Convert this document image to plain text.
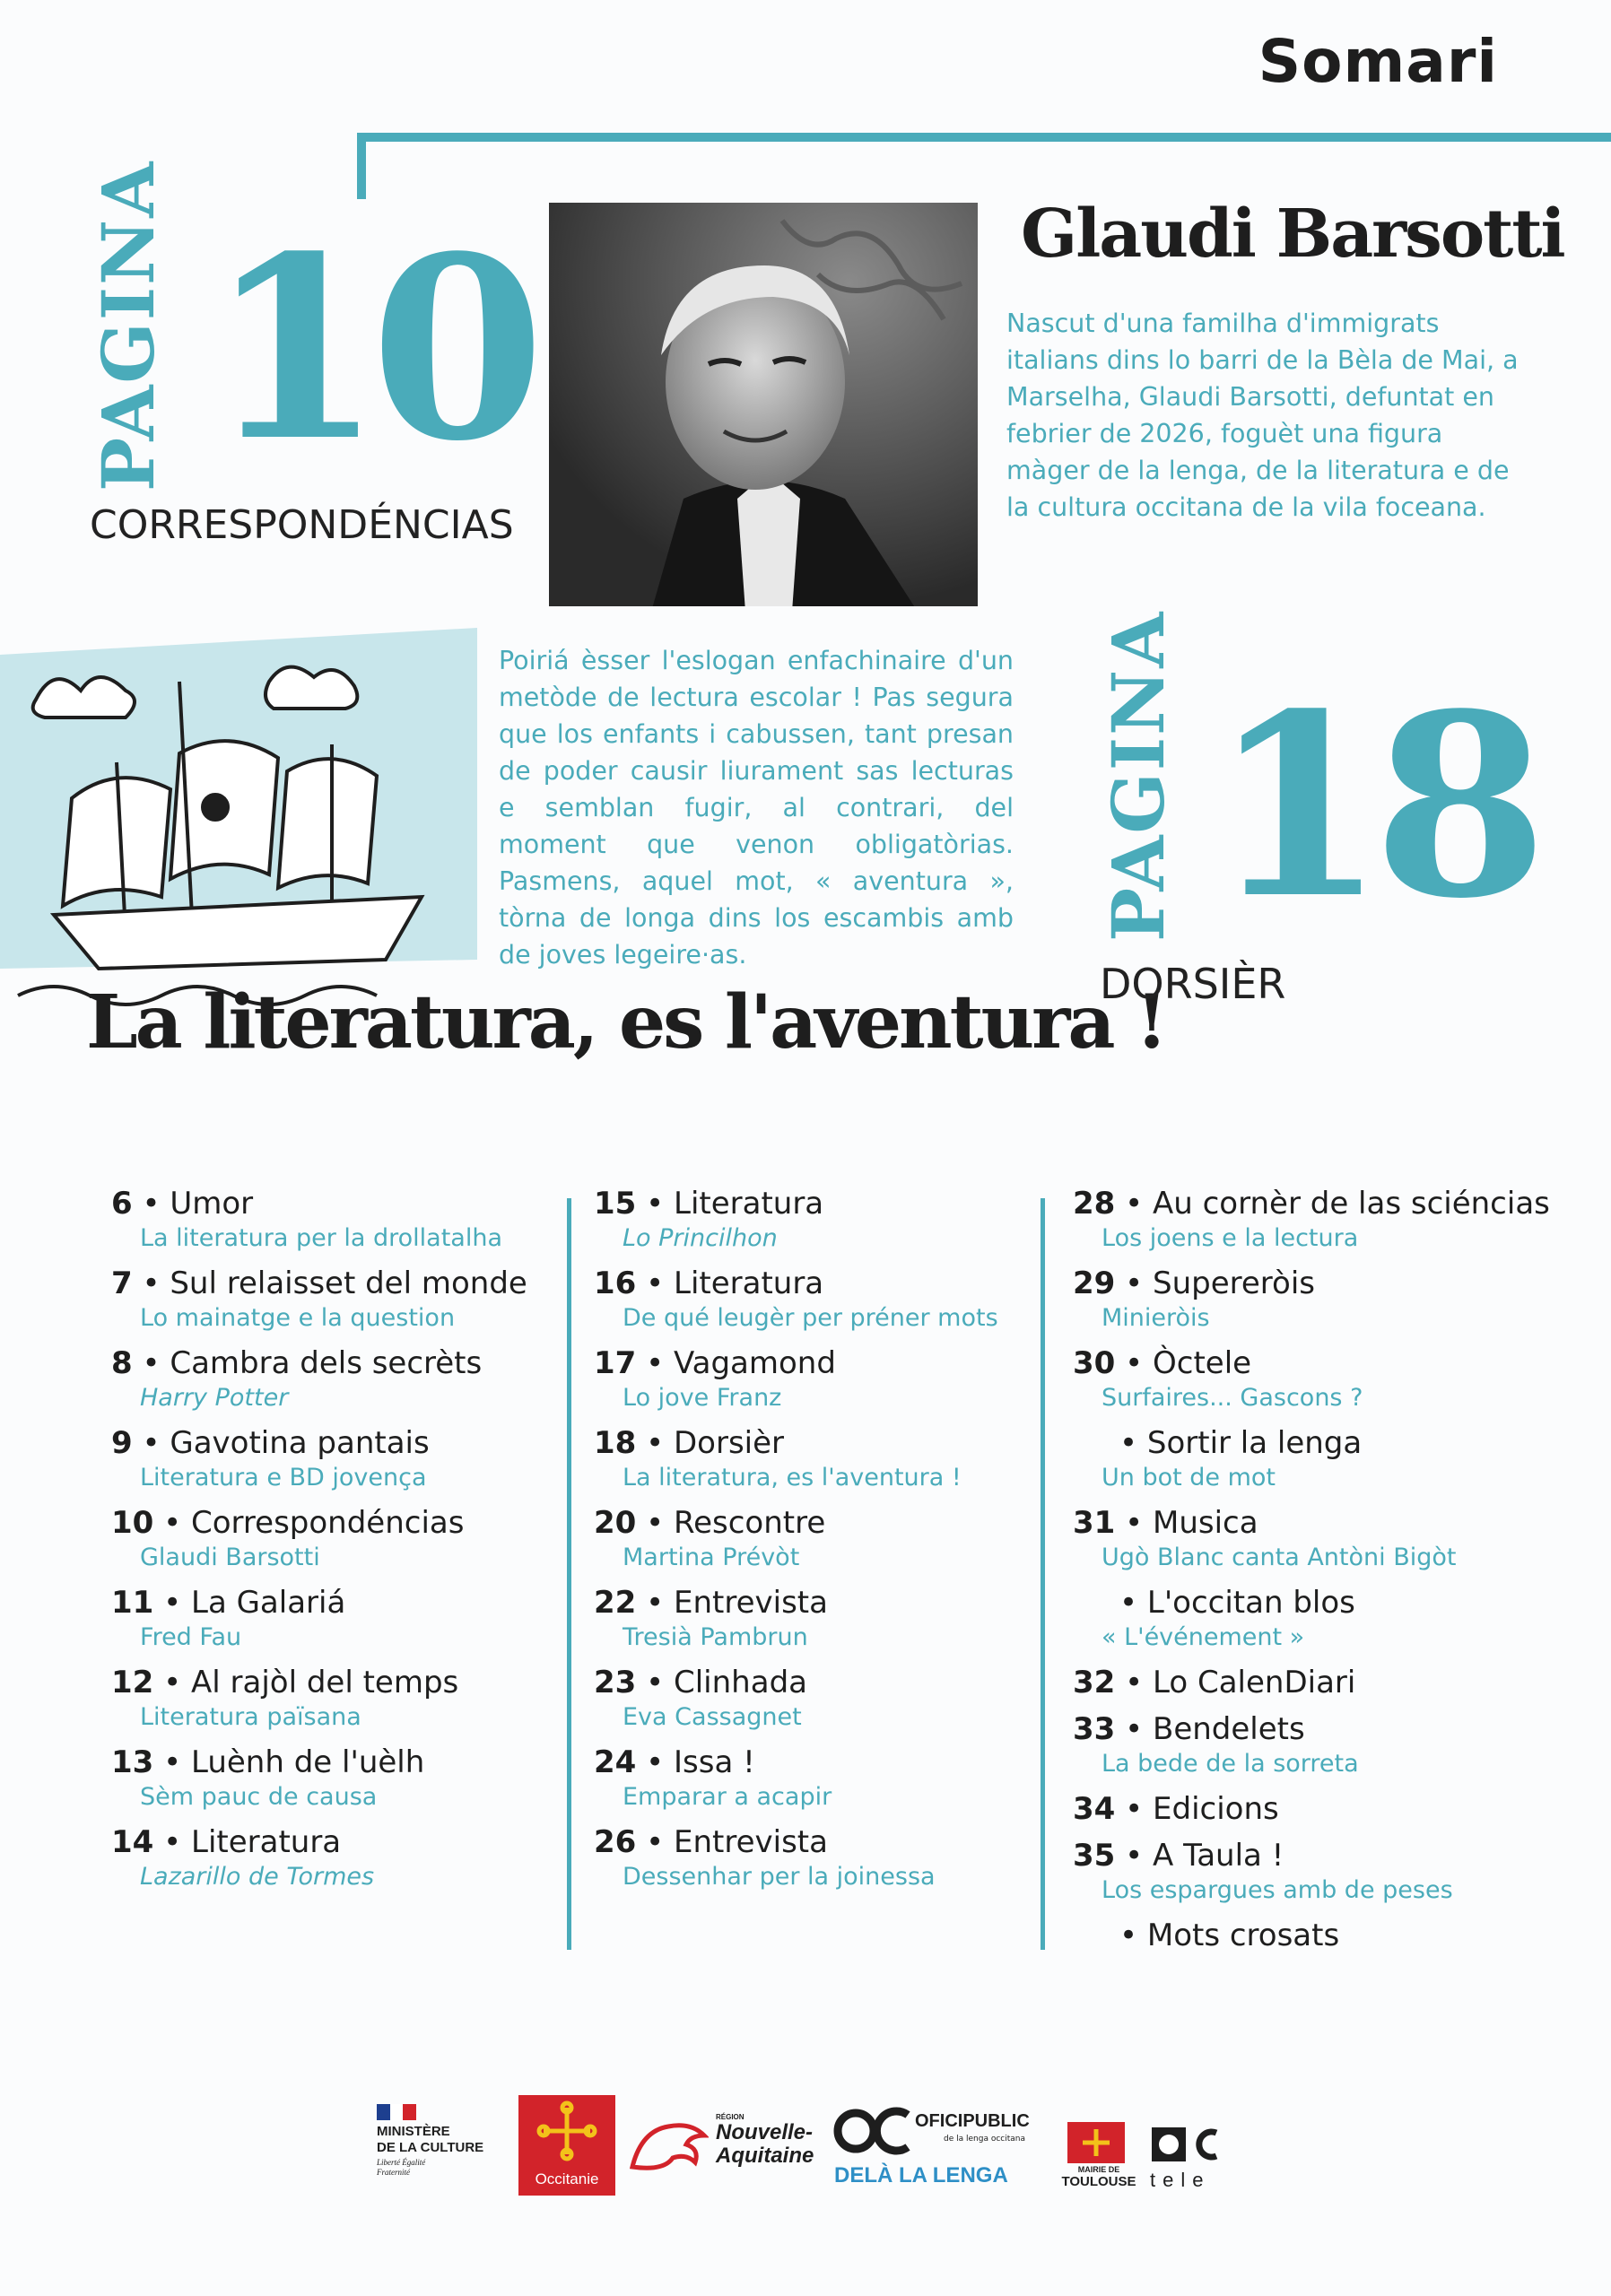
Somari
PAGINA 10
CORRESPONDÉNCIAS
Glaudi Barsotti
Nascut d'una familha d'immigrats italians dins lo barri de la Bèla de Mai, a Marselha, Glaudi Barsotti, defuntat en febrier de 2026, foguèt una figura màger de la lenga, de la literatura e de la cultura occitana de la vila foceana.
Poiriá èsser l'eslogan enfachinaire d'un metòde de lectura escolar ! Pas segura que los enfants i cabussen, tant presan de poder causir liurament sas lecturas e semblan fugir, al contrari, del moment que venon obligatòrias. Pasmens, aquel mot, « aventura », tòrna de longa dins los escambis amb de joves legeire·as.
La literatura, es l'aventura !
PAGINA 18
DORSIÈR
6 • Umor
La literatura per la drollatalha
7 • Sul relaisset del monde
Lo mainatge e la question
8 • Cambra dels secrèts
Harry Potter
9 • Gavotina pantais
Literatura e BD jovença
10 • Correspondéncias
Glaudi Barsotti
11 • La Galariá
Fred Fau
12 • Al rajòl del temps
Literatura païsana
13 • Luènh de l'uèlh
Sèm pauc de causa
14 • Literatura
Lazarillo de Tormes
15 • Literatura
Lo Princilhon
16 • Literatura
De qué leugèr per préner mots
17 • Vagamond
Lo jove Franz
18 • Dorsièr
La literatura, es l'aventura !
20 • Rescontre
Martina Prévòt
22 • Entrevista
Tresià Pambrun
23 • Clinhada
Eva Cassagnet
24 • Issa !
Emparar a acapir
26 • Entrevista
Dessenhar per la joinessa
28 • Au cornèr de las sciéncias
Los joens e la lectura
29 • Supereròis
Minieròis
30 • Òctele
Surfaires... Gascons ?
• Sortir la lenga
Un bot de mot
31 • Musica
Ugò Blanc canta Antòni Bigòt
• L'occitan blos
« L'événement »
32 • Lo CalenDiari
33 • Bendelets
La bede de la sorreta
34 • Edicions
35 • A Taula !
Los espargues amb de peses
• Mots crosats
MINISTÈRE
DE LA CULTURE
Liberté Égalité Fraternité	Occitanie
RÉGION
Nouvelle-
Aquitaine
OFICIPUBLIC
de la lenga occitana
DELÀ LA LENGA	MAIRIE DE
TOULOUSE tele
